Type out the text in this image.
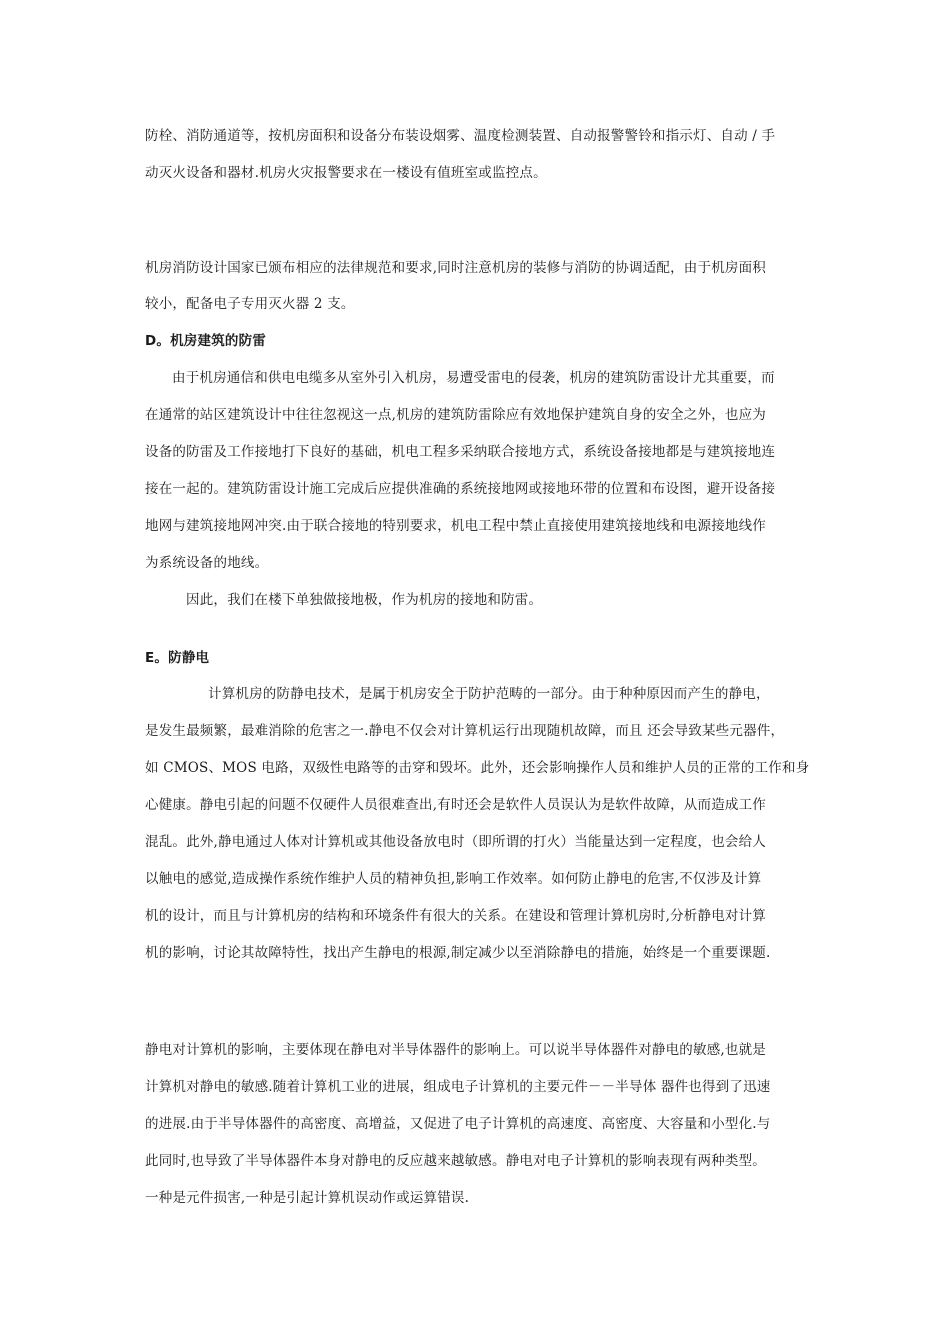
防栓、消防通道等，按机房面积和设备分布装设烟雾、温度检测装置、自动报警警铃和指示灯、自动 / 手
动灭火设备和器材.机房火灾报警要求在一楼设有值班室或监控点。
机房消防设计国家已颁布相应的法律规范和要求,同时注意机房的装修与消防的协调适配，由于机房面积
较小，配备电子专用灭火器 2 支。
D。机房建筑的防雷
由于机房通信和供电电缆多从室外引入机房，易遭受雷电的侵袭，机房的建筑防雷设计尤其重要，而
在通常的站区建筑设计中往往忽视这一点,机房的建筑防雷除应有效地保护建筑自身的安全之外，也应为
设备的防雷及工作接地打下良好的基础，机电工程多采纳联合接地方式，系统设备接地都是与建筑接地连
接在一起的。建筑防雷设计施工完成后应提供准确的系统接地网或接地环带的位置和布设图，避开设备接
地网与建筑接地网冲突.由于联合接地的特别要求，机电工程中禁止直接使用建筑接地线和电源接地线作
为系统设备的地线。
因此，我们在楼下单独做接地极，作为机房的接地和防雷。
E。防静电
计算机房的防静电技术，是属于机房安全于防护范畴的一部分。由于种种原因而产生的静电，
是发生最频繁，最难消除的危害之一.静电不仅会对计算机运行出现随机故障，而且 还会导致某些元器件，
如 CMOS、MOS 电路，双级性电路等的击穿和毁坏。此外，还会影响操作人员和维护人员的正常的工作和身
心健康。静电引起的问题不仅硬件人员很难查出,有时还会是软件人员误认为是软件故障，从而造成工作
混乱。此外,静电通过人体对计算机或其他设备放电时（即所谓的打火）当能量达到一定程度，也会给人
以触电的感觉,造成操作系统作维护人员的精神负担,影响工作效率。如何防止静电的危害,不仅涉及计算
机的设计，而且与计算机房的结构和环境条件有很大的关系。在建设和管理计算机房时,分析静电对计算
机的影响，讨论其故障特性，找出产生静电的根源,制定减少以至消除静电的措施，始终是一个重要课题.
静电对计算机的影响，主要体现在静电对半导体器件的影响上。可以说半导体器件对静电的敏感,也就是
计算机对静电的敏感.随着计算机工业的进展，组成电子计算机的主要元件－－半导体 器件也得到了迅速
的进展.由于半导体器件的高密度、高增益，又促进了电子计算机的高速度、高密度、大容量和小型化.与
此同时,也导致了半导体器件本身对静电的反应越来越敏感。静电对电子计算机的影响表现有两种类型。
一种是元件损害,一种是引起计算机误动作或运算错误.
